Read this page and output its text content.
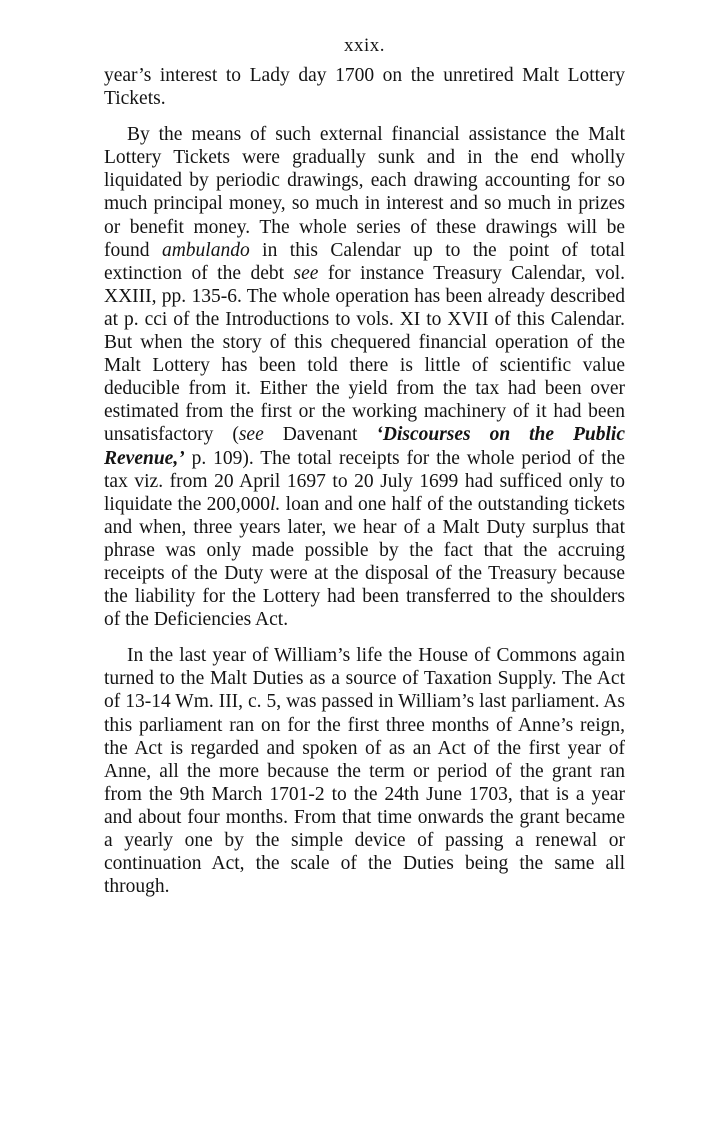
xxix.

year’s interest to Lady day 1700 on the unretired Malt Lottery Tickets.

By the means of such external financial assistance the Malt Lottery Tickets were gradually sunk and in the end wholly liquidated by periodic drawings, each drawing accounting for so much principal money, so much in interest and so much in prizes or benefit money. The whole series of these drawings will be found ambulando in this Calendar up to the point of total extinction of the debt see for instance Treasury Calendar, vol. XXIII, pp. 135-6. The whole operation has been already described at p. cci of the Introductions to vols. XI to XVII of this Calendar. But when the story of this chequered financial operation of the Malt Lottery has been told there is little of scientific value deducible from it. Either the yield from the tax had been over estimated from the first or the working machinery of it had been unsatisfactory (see Davenant ‘Discourses on the Public Revenue,’ p. 109). The total receipts for the whole period of the tax viz. from 20 April 1697 to 20 July 1699 had sufficed only to liquidate the 200,000l. loan and one half of the outstanding tickets and when, three years later, we hear of a Malt Duty surplus that phrase was only made possible by the fact that the accruing receipts of the Duty were at the disposal of the Treasury because the liability for the Lottery had been transferred to the shoulders of the Deficiencies Act.

In the last year of William’s life the House of Commons again turned to the Malt Duties as a source of Taxation Supply. The Act of 13-14 Wm. III, c. 5, was passed in William’s last parliament. As this parliament ran on for the first three months of Anne’s reign, the Act is regarded and spoken of as an Act of the first year of Anne, all the more because the term or period of the grant ran from the 9th March 1701-2 to the 24th June 1703, that is a year and about four months. From that time onwards the grant became a yearly one by the simple device of passing a renewal or continuation Act, the scale of the Duties being the same all through.
